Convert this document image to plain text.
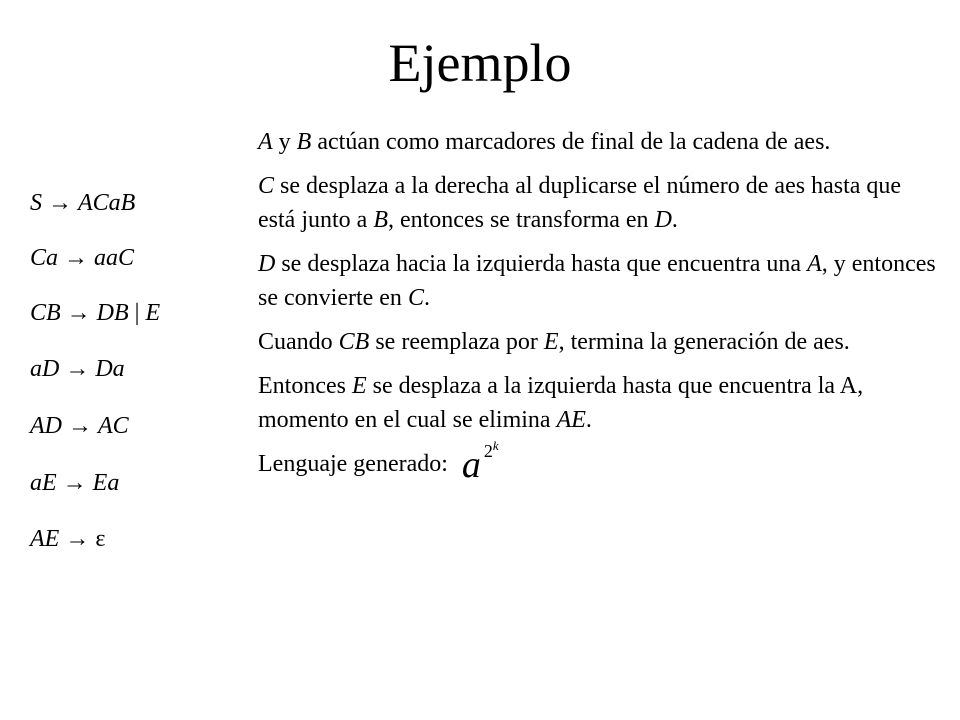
Ejemplo
S → ACaB
Ca → aaC
CB → DB | E
aD → Da
AD → AC
aE → Ea
AE → ε

A y B actúan como marcadores de final de la cadena de aes.

C se desplaza a la derecha al duplicarse el número de aes hasta que está junto a B, entonces se transforma en D.

D se desplaza hacia la izquierda hasta que encuentra una A, y entonces se convierte en C.

Cuando CB se reemplaza por E, termina la generación de aes.

Entonces E se desplaza a la izquierda hasta que encuentra la A, momento en el cual se elimina AE.

Lenguaje generado: a 2$^k$
